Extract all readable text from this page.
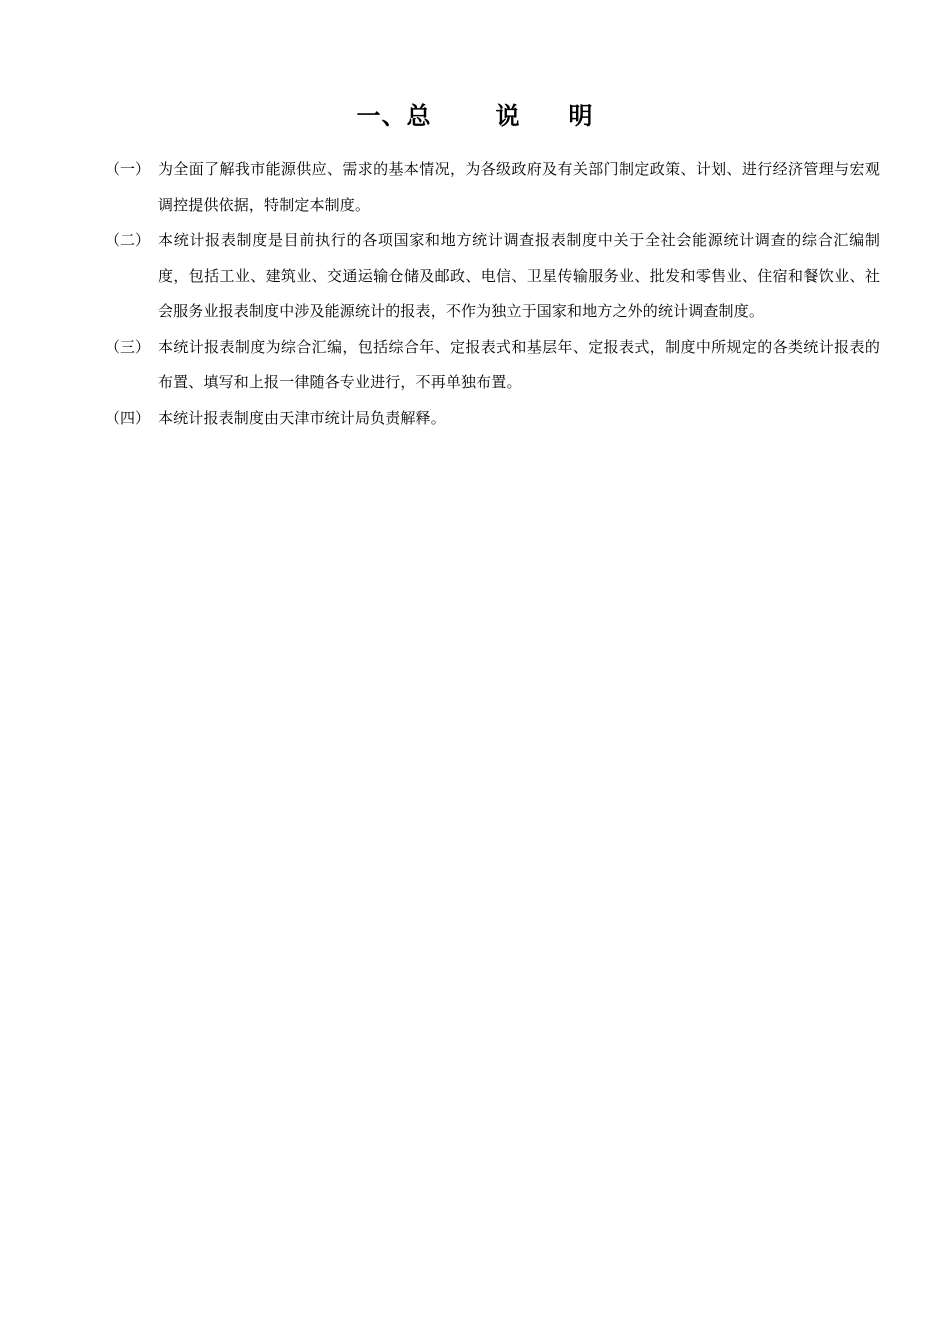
一、总	说 明
（一） 为全面了解我市能源供应、需求的基本情况，为各级政府及有关部门制定政策、计划、进行经济管理与宏观调控提供依据，特制定本制度。
（二） 本统计报表制度是目前执行的各项国家和地方统计调查报表制度中关于全社会能源统计调查的综合汇编制度，包括工业、建筑业、交通运输仓储及邮政、电信、卫星传输服务业、批发和零售业、住宿和餐饮业、社会服务业报表制度中涉及能源统计的报表，不作为独立于国家和地方之外的统计调查制度。
（三） 本统计报表制度为综合汇编，包括综合年、定报表式和基层年、定报表式，制度中所规定的各类统计报表的布置、填写和上报一律随各专业进行，不再单独布置。
（四） 本统计报表制度由天津市统计局负责解释。
